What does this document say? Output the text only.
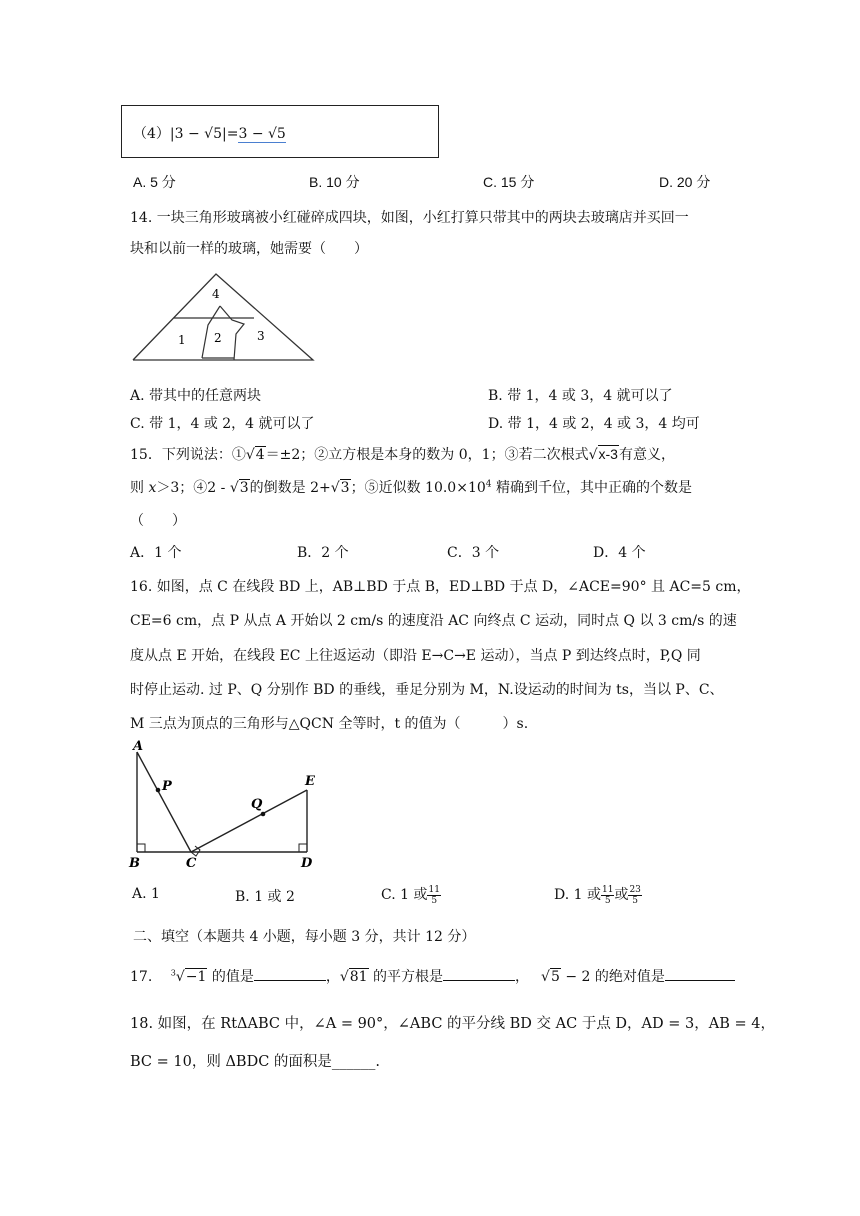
（4）|3 − √5|=3 − √5
A. 5 分	B. 10 分	C. 15 分	D. 20 分
14. 一块三角形玻璃被小红碰碎成四块，如图，小红打算只带其中的两块去玻璃店并买回一
块和以前一样的玻璃，她需要（　　）
1 2	3
4
A. 带其中的任意两块	B. 带 1，4 或 3，4 就可以了
C. 带 1，4 或 2，4 就可以了	D. 带 1，4 或 2，4 或 3，4 均可
15．下列说法：①√4＝±2；②立方根是本身的数为 0，1；③若二次根式√x-3有意义，
则 x＞3；④2 - √3的倒数是 2+√3；⑤近似数 $10.0\times 10^4$ 精确到千位，其中正确的个数是
（　　）
A．1 个	B．2 个	C．3 个	D．4 个
16. 如图，点 C 在线段 BD 上，AB⊥BD 于点 B，ED⊥BD 于点 D，∠ACE=90° 且 AC=5 cm，
CE=6 cm，点 P 从点 A 开始以 2 cm/s 的速度沿 AC 向终点 C 运动，同时点 Q 以 3 cm/s 的速
度从点 E 开始，在线段 EC 上往返运动（即沿 E→C→E 运动），当点 P 到达终点时，P,Q 同
时停止运动. 过 P、Q 分别作 BD 的垂线，垂足分别为 M，N.设运动的时间为 ts，当以 P、C、
M 三点为顶点的三角形与△QCN 全等时，t 的值为（　　　）s.
A
P
Q
E
B	C	D
A. 1	B. 1 或 2	C. 1 或 $\frac{11}{5}$	D. 1 或 $\frac{11}{5}$ 或 $\frac{23}{5}$
二、填空（本题共 4 小题，每小题 3 分，共计 12 分）
17. $^3$√−1 的值是	，√81 的平方根是	， √5 − 2 的绝对值是
18. 如图，在 RtΔABC 中，∠A = 90°，∠ABC 的平分线 BD 交 AC 于点 D，AD = 3，AB = 4，
BC = 10，则 ΔBDC 的面积是______.
